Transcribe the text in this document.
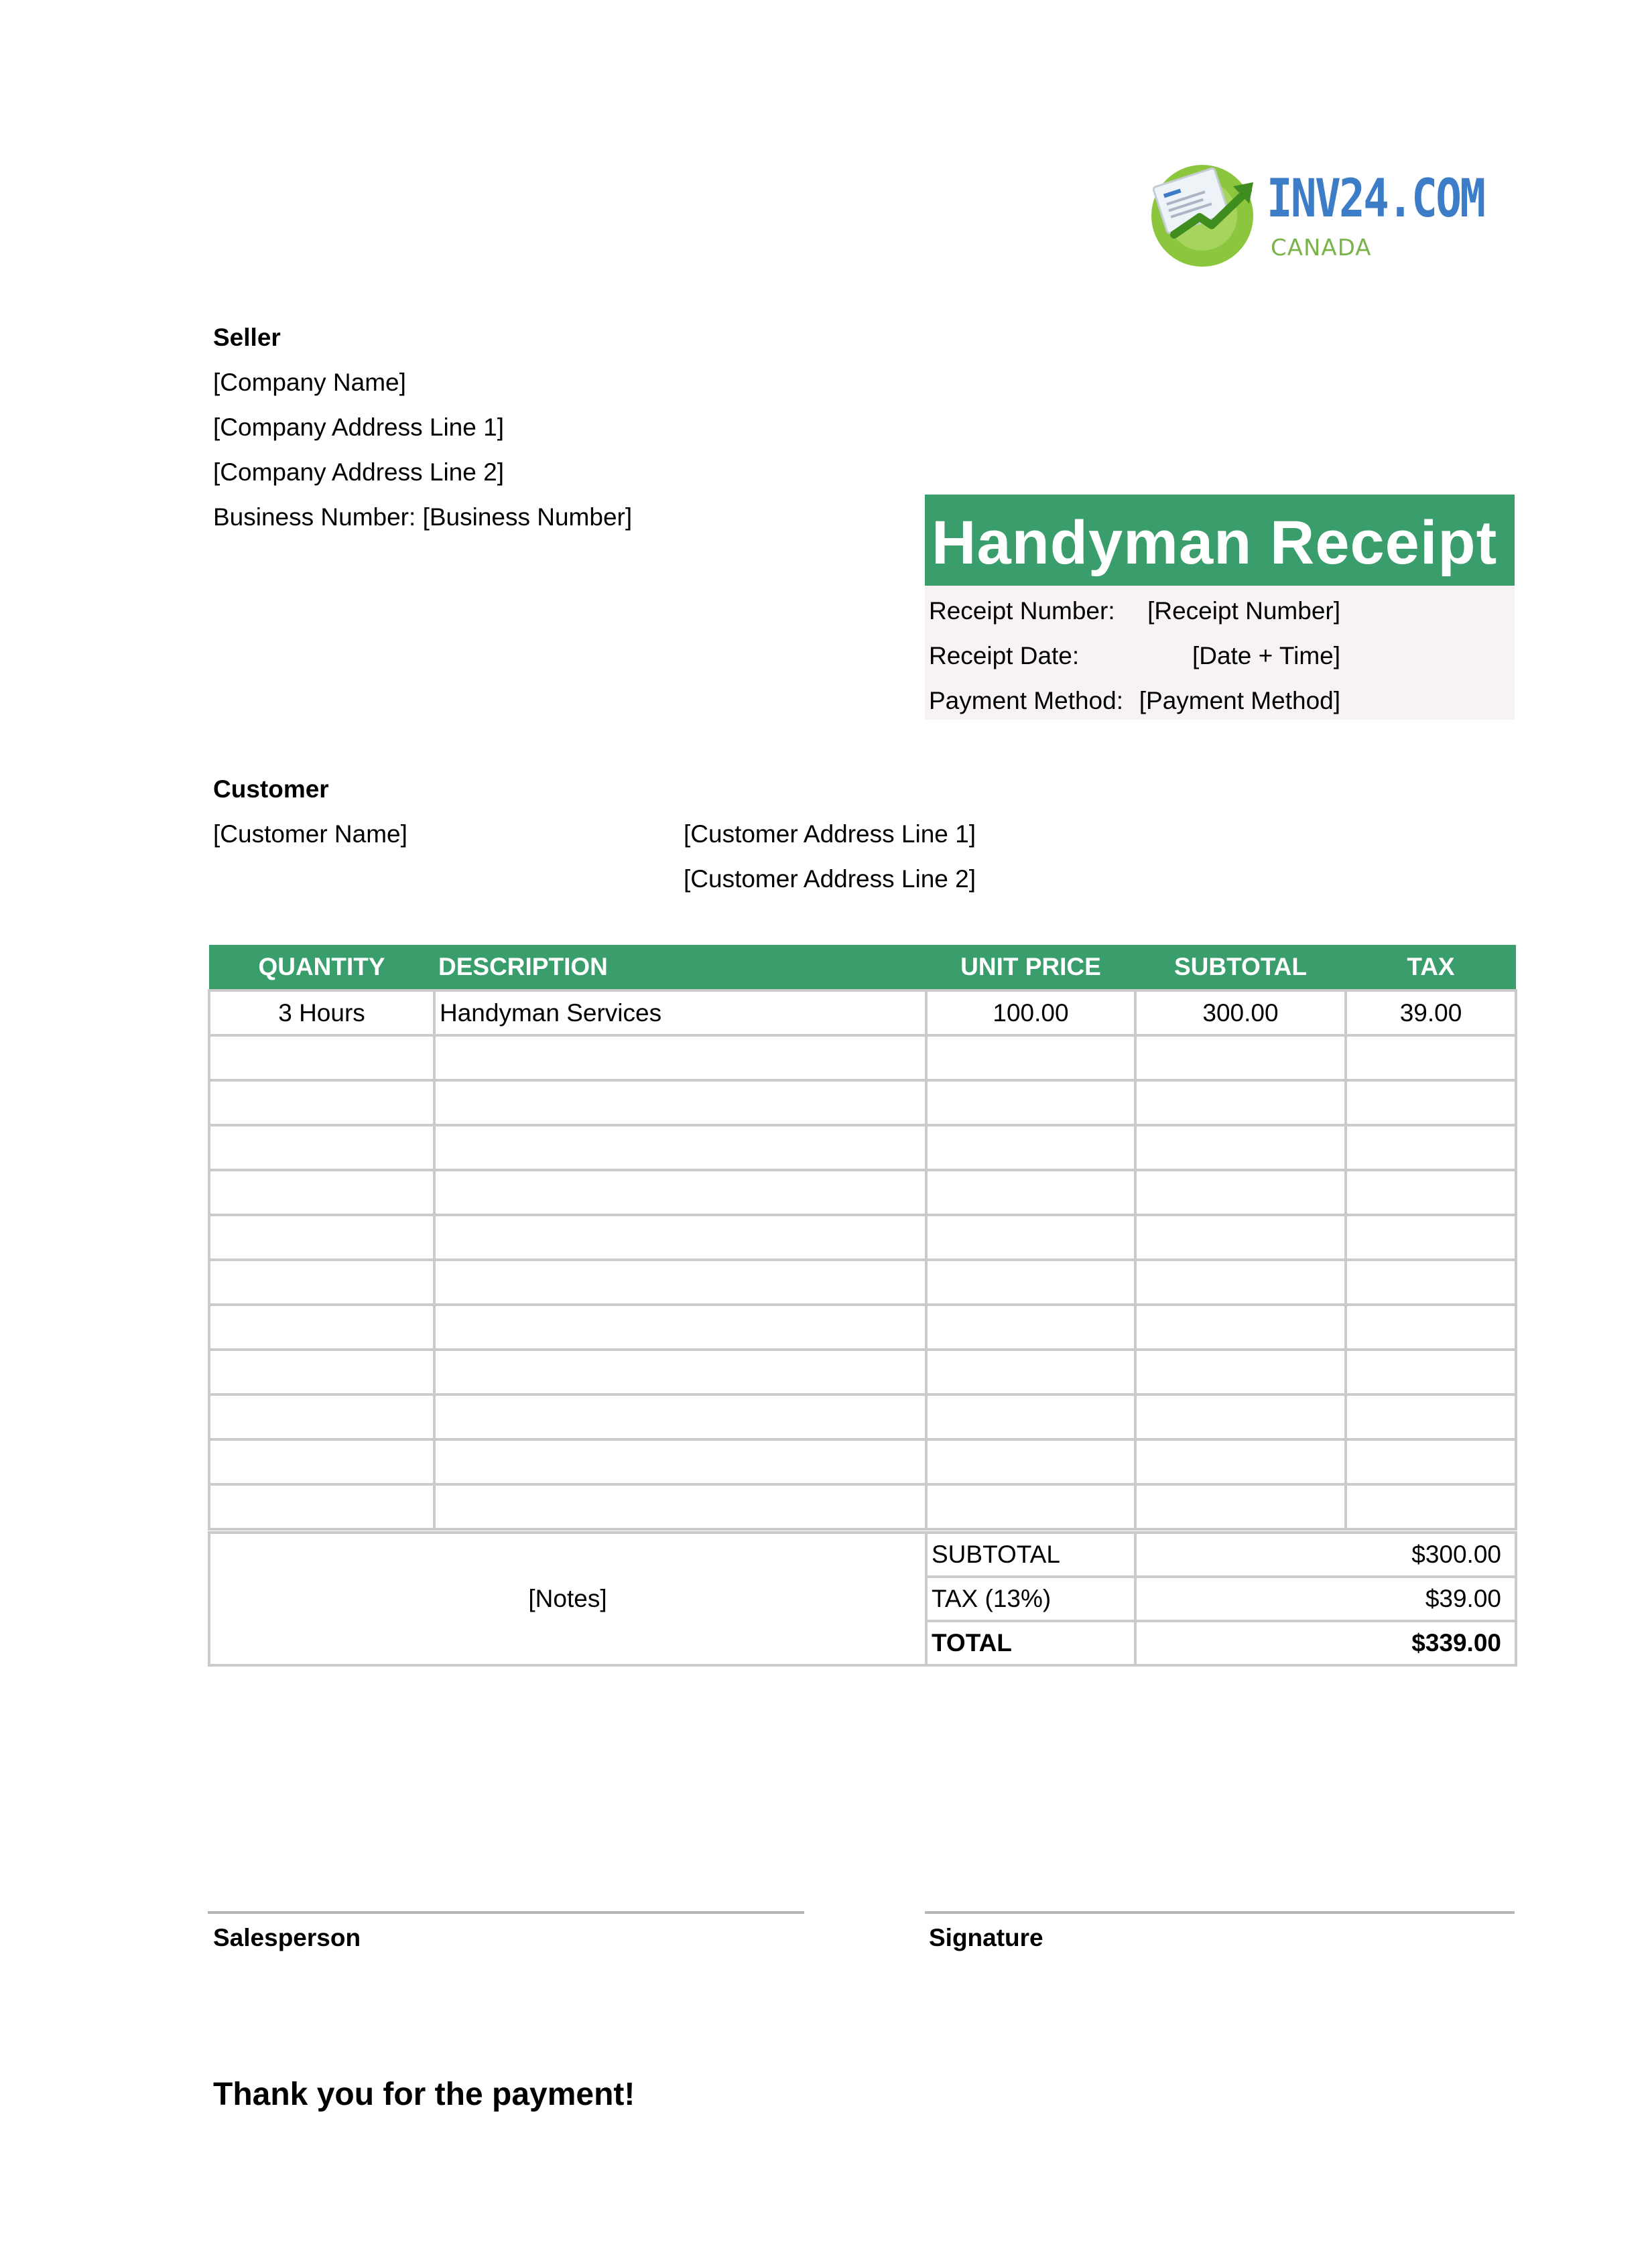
INV24.COM
CANADA
Seller
[Company Name]
[Company Address Line 1]
[Company Address Line 2]
Business Number: [Business Number]	Handyman Receipt
Receipt Number: [Receipt Number]
Receipt Date:	[Date + Time]
Payment Method: [Payment Method]
Customer
[Customer Name]	[Customer Address Line 1]
[Customer Address Line 2]
QUANTITY	DESCRIPTION	UNIT PRICE	SUBTOTAL	TAX
3 Hours	Handyman Services	100.00	300.00	39.00

[Notes]	SUBTOTAL	$300.00
	TAX (13%)	$39.00
	TOTAL	$339.00
Salesperson	Signature
Thank you for the payment!
